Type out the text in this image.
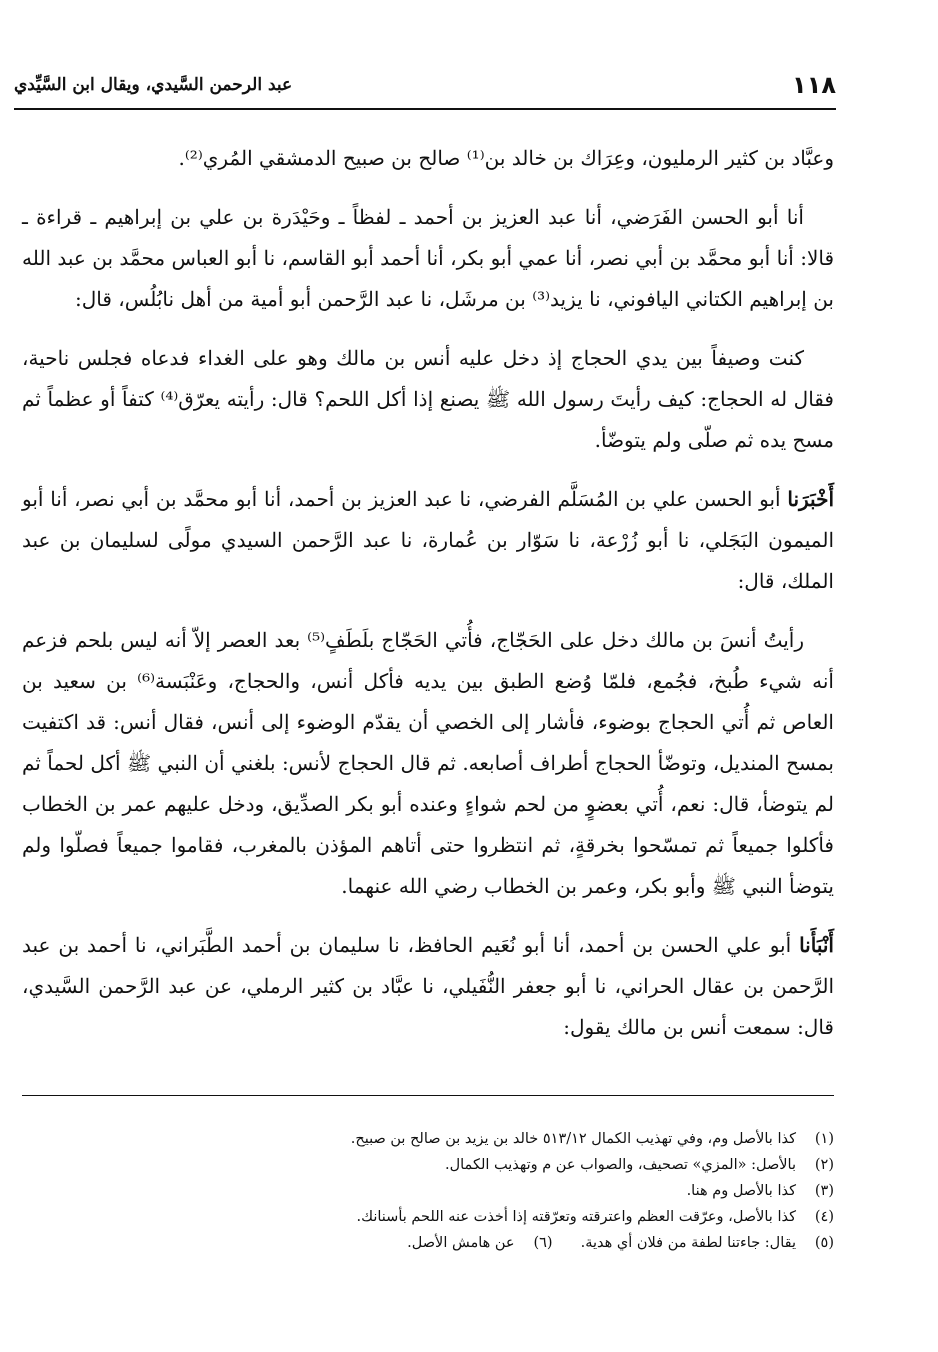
١١٨
عبد الرحمن السَّيدي، ويقال ابن السَّيِّدي

وعبَّاد بن كثير الرمليون، وعِرَاك بن خالد بن⁽¹⁾ صالح بن صبيح الدمشقي المُري⁽²⁾.

أنا أبو الحسن الفَرَضي، أنا عبد العزيز بن أحمد ـ لفظاً ـ وحَيْدَرة بن علي بن إبراهيم ـ قراءة ـ قالا: أنا أبو محمَّد بن أبي نصر، أنا عمي أبو بكر، أنا أحمد أبو القاسم، نا أبو العباس محمَّد بن عبد الله بن إبراهيم الكتاني اليافوني، نا يزيد⁽³⁾ بن مرشَل، نا عبد الرَّحمن أبو أمية من أهل نابُلُس، قال:

كنت وصيفاً بين يدي الحجاج إذ دخل عليه أنس بن مالك وهو على الغداء فدعاه فجلس ناحية، فقال له الحجاج: كيف رأيتَ رسول الله ﷺ يصنع إذا أكل اللحم؟ قال: رأيته يعرّق⁽⁴⁾ كتفاً أو عظماً ثم مسح يده ثم صلّى ولم يتوضّأ.

أَخْبَرَنا أبو الحسن علي بن المُسَلَّم الفرضي، نا عبد العزيز بن أحمد، أنا أبو محمَّد بن أبي نصر، أنا أبو الميمون البَجَلي، نا أبو زُرْعة، نا سَوّار بن عُمارة، نا عبد الرَّحمن السيدي مولًى لسليمان بن عبد الملك، قال:

رأيتُ أنسَ بن مالك دخل على الحَجّاج، فأُتي الحَجّاج بلَطَفٍ⁽⁵⁾ بعد العصر إلاّ أنه ليس بلحم فزعم أنه شيء طُبخ، فجُمع، فلمّا وُضع الطبق بين يديه فأكل أنس، والحجاج، وعَنْبَسة⁽⁶⁾ بن سعيد بن العاص ثم أُتي الحجاج بوضوء، فأشار إلى الخصي أن يقدّم الوضوء إلى أنس، فقال أنس: قد اكتفيت بمسح المنديل، وتوضّأ الحجاج أطراف أصابعه. ثم قال الحجاج لأنس: بلغني أن النبي ﷺ أكل لحماً ثم لم يتوضأ، قال: نعم، أُتي بعضوٍ من لحم شواءٍ وعنده أبو بكر الصدِّيق، ودخل عليهم عمر بن الخطاب فأكلوا جميعاً ثم تمسّحوا بخرقةٍ، ثم انتظروا حتى أتاهم المؤذن بالمغرب، فقاموا جميعاً فصلّوا ولم يتوضأ النبي ﷺ وأبو بكر، وعمر بن الخطاب رضي الله عنهما.

أَنْبَأَنا أبو علي الحسن بن أحمد، أنا أبو نُعَيم الحافظ، نا سليمان بن أحمد الطَّبَراني، نا أحمد بن عبد الرَّحمن بن عقال الحراني، نا أبو جعفر النُّفَيلي، نا عبَّاد بن كثير الرملي، عن عبد الرَّحمن السَّيدي، قال: سمعت أنس بن مالك يقول:

(١)
كذا بالأصل وم، وفي تهذيب الكمال ٥١٣/١٢ خالد بن يزيد بن صالح بن صبيح.
(٢)
بالأصل: «المزي» تصحيف، والصواب عن م وتهذيب الكمال.
(٣)
كذا بالأصل وم هنا.
(٤)
كذا بالأصل، وعرّقت العظم واعترقته وتعرّقته إذا أخذت عنه اللحم بأسنانك.
(٥)
يقال: جاءتنا لطفة من فلان أي هدية.
(٦)
عن هامش الأصل.
